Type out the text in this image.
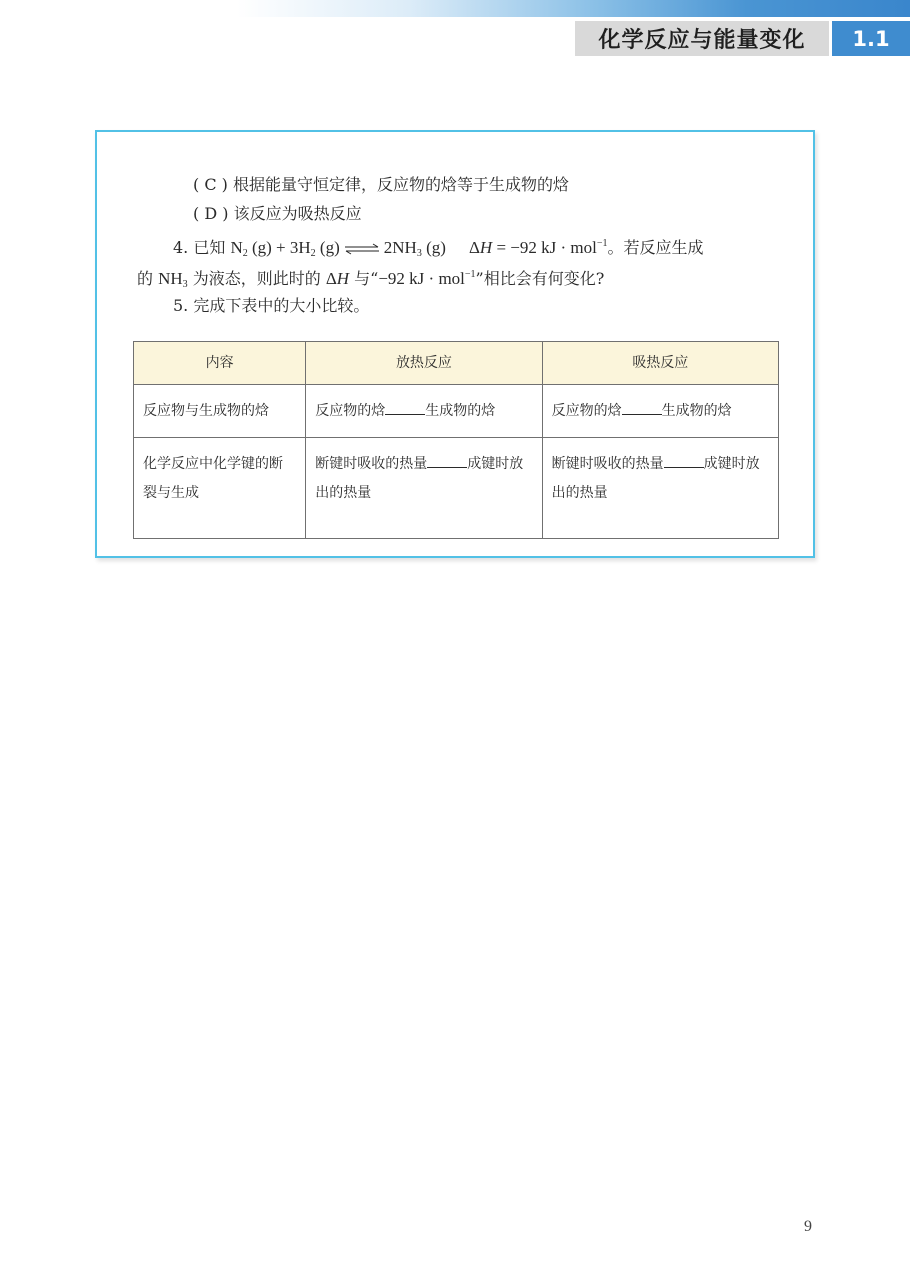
化学反应与能量变化	1.1
( C ) 根据能量守恒定律，反应物的焓等于生成物的焓
( D ) 该反应为吸热反应
4. 已知 $N_2$ $(g) + 3H_2$ (g) ⇌ $2NH_3$ (g) ΔH = −92 kJ · mol$^{-1}$。若反应生成
的 $NH_3$ 为液态，则此时的 ΔH 与“−92 kJ · mol$^{-1}$”相比会有何变化?
5. 完成下表中的大小比较。
内容	放热反应	吸热反应
反应物与生成物的焓	反应物的焓 生成物的焓	反应物的焓 生成物的焓
化学反应中化学键的断裂与生成	断键时吸收的热量 成键时放出的热量	断键时吸收的热量 成键时放出的热量
9
